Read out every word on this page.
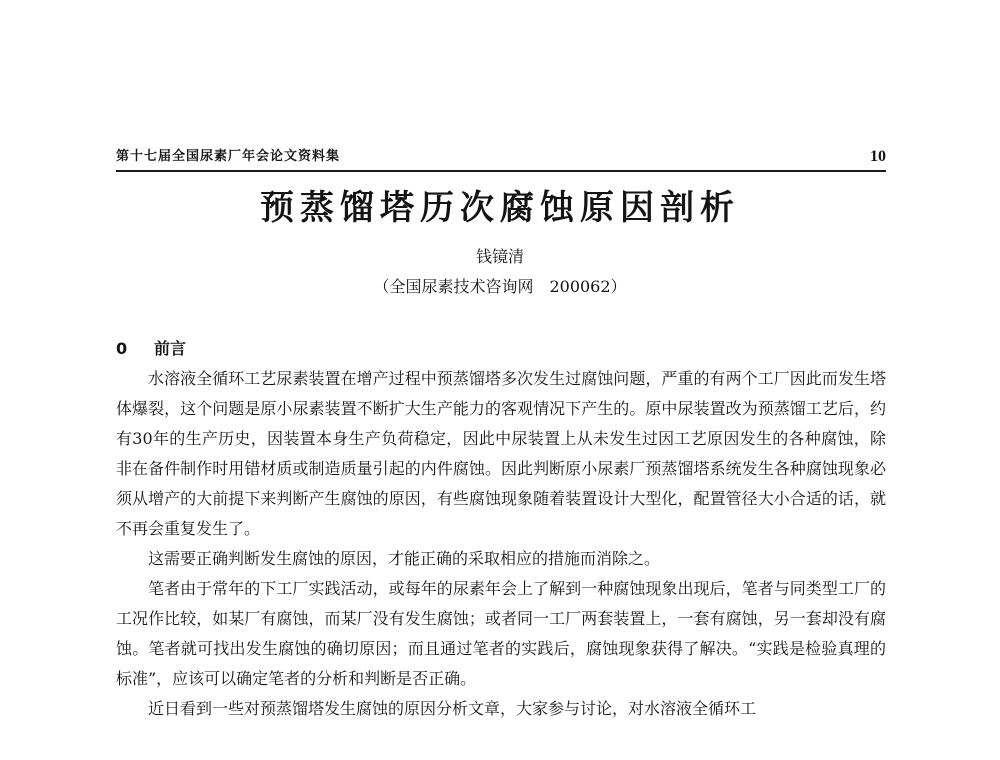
第十七届全国尿素厂年会论文资料集	10
预蒸馏塔历次腐蚀原因剖析
钱镜清
（全国尿素技术咨询网　200062）
0 前言

水溶液全循环工艺尿素装置在增产过程中预蒸馏塔多次发生过腐蚀问题，严重的有两个工厂因此而发生塔体爆裂，这个问题是原小尿素装置不断扩大生产能力的客观情况下产生的。原中尿装置改为预蒸馏工艺后，约有30年的生产历史，因装置本身生产负荷稳定，因此中尿装置上从未发生过因工艺原因发生的各种腐蚀，除非在备件制作时用错材质或制造质量引起的内件腐蚀。因此判断原小尿素厂预蒸馏塔系统发生各种腐蚀现象必须从增产的大前提下来判断产生腐蚀的原因，有些腐蚀现象随着装置设计大型化，配置管径大小合适的话，就不再会重复发生了。

这需要正确判断发生腐蚀的原因，才能正确的采取相应的措施而消除之。

笔者由于常年的下工厂实践活动，或每年的尿素年会上了解到一种腐蚀现象出现后，笔者与同类型工厂的工况作比较，如某厂有腐蚀，而某厂没有发生腐蚀；或者同一工厂两套装置上，一套有腐蚀，另一套却没有腐蚀。笔者就可找出发生腐蚀的确切原因；而且通过笔者的实践后，腐蚀现象获得了解决。“实践是检验真理的标准”，应该可以确定笔者的分析和判断是否正确。

近日看到一些对预蒸馏塔发生腐蚀的原因分析文章，大家参与讨论，对水溶液全循环工
